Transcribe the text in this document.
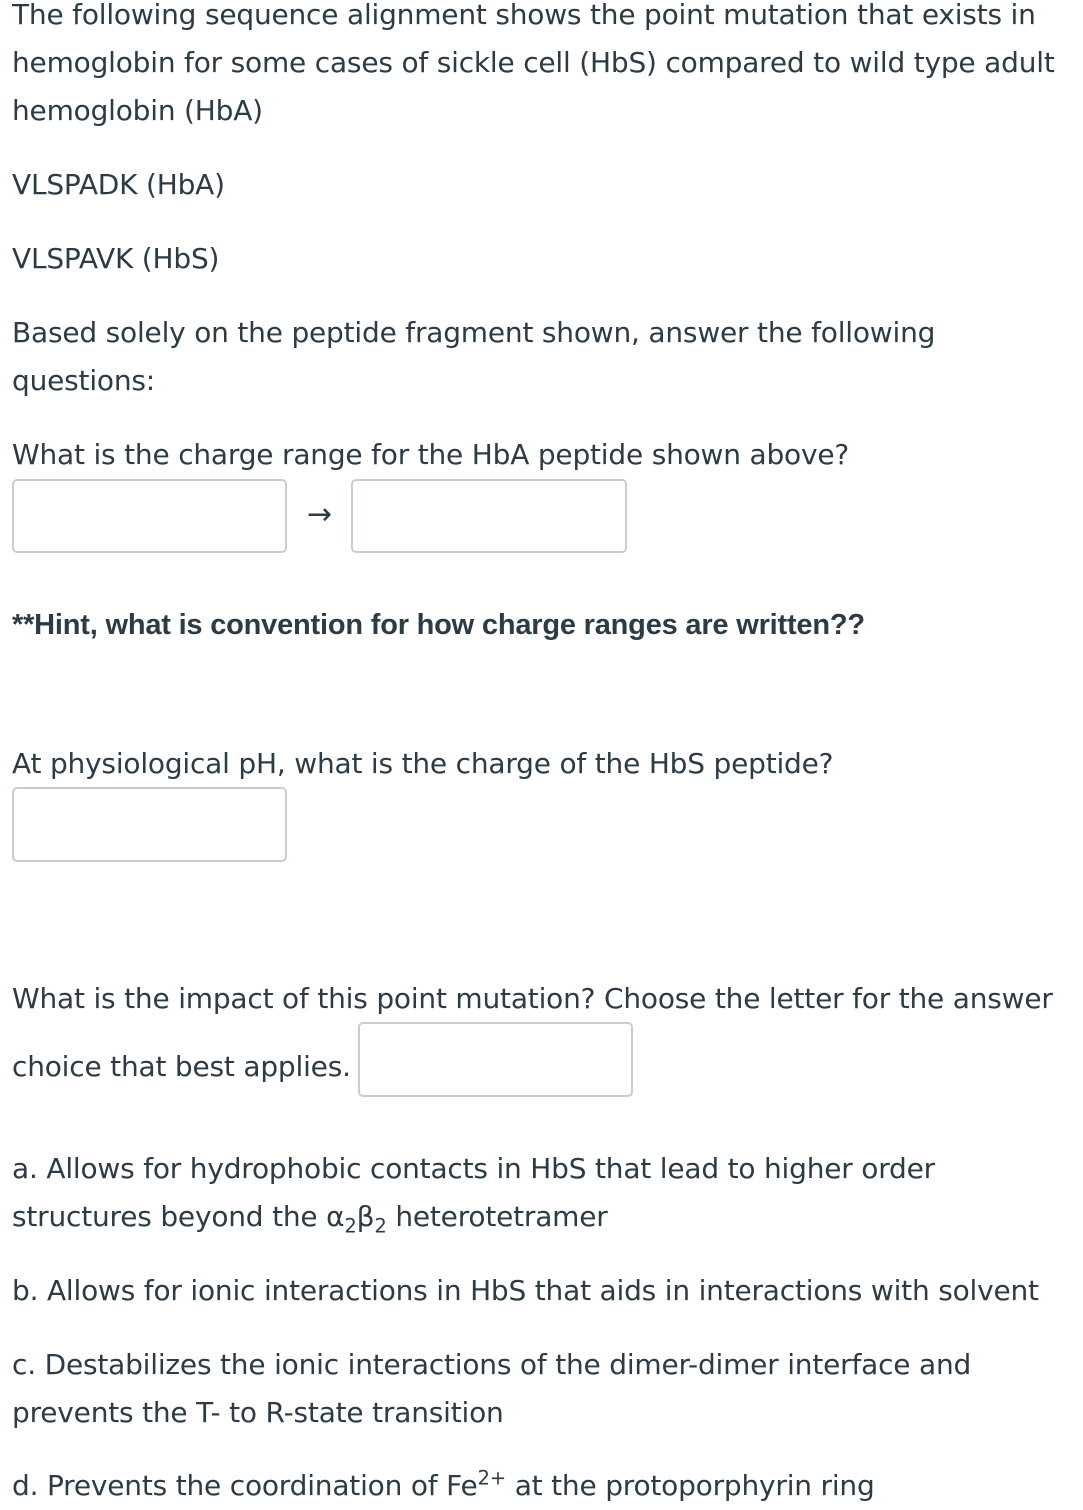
The following sequence alignment shows the point mutation that exists in hemoglobin for some cases of sickle cell (HbS) compared to wild type adult hemoglobin (HbA)

VLSPADK (HbA)

VLSPAVK (HbS)

Based solely on the peptide fragment shown, answer the following questions:

What is the charge range for the HbA peptide shown above?

→

**Hint, what is convention for how charge ranges are written??

At physiological pH, what is the charge of the HbS peptide?

What is the impact of this point mutation? Choose the letter for the answer

choice that best applies.

a. Allows for hydrophobic contacts in HbS that lead to higher order structures beyond the $\alpha_2\beta_2$ heterotetramer

b. Allows for ionic interactions in HbS that aids in interactions with solvent

c. Destabilizes the ionic interactions of the dimer-dimer interface and prevents the T- to R-state transition

d. Prevents the coordination of $Fe^{2+}$ at the protoporphyrin ring
